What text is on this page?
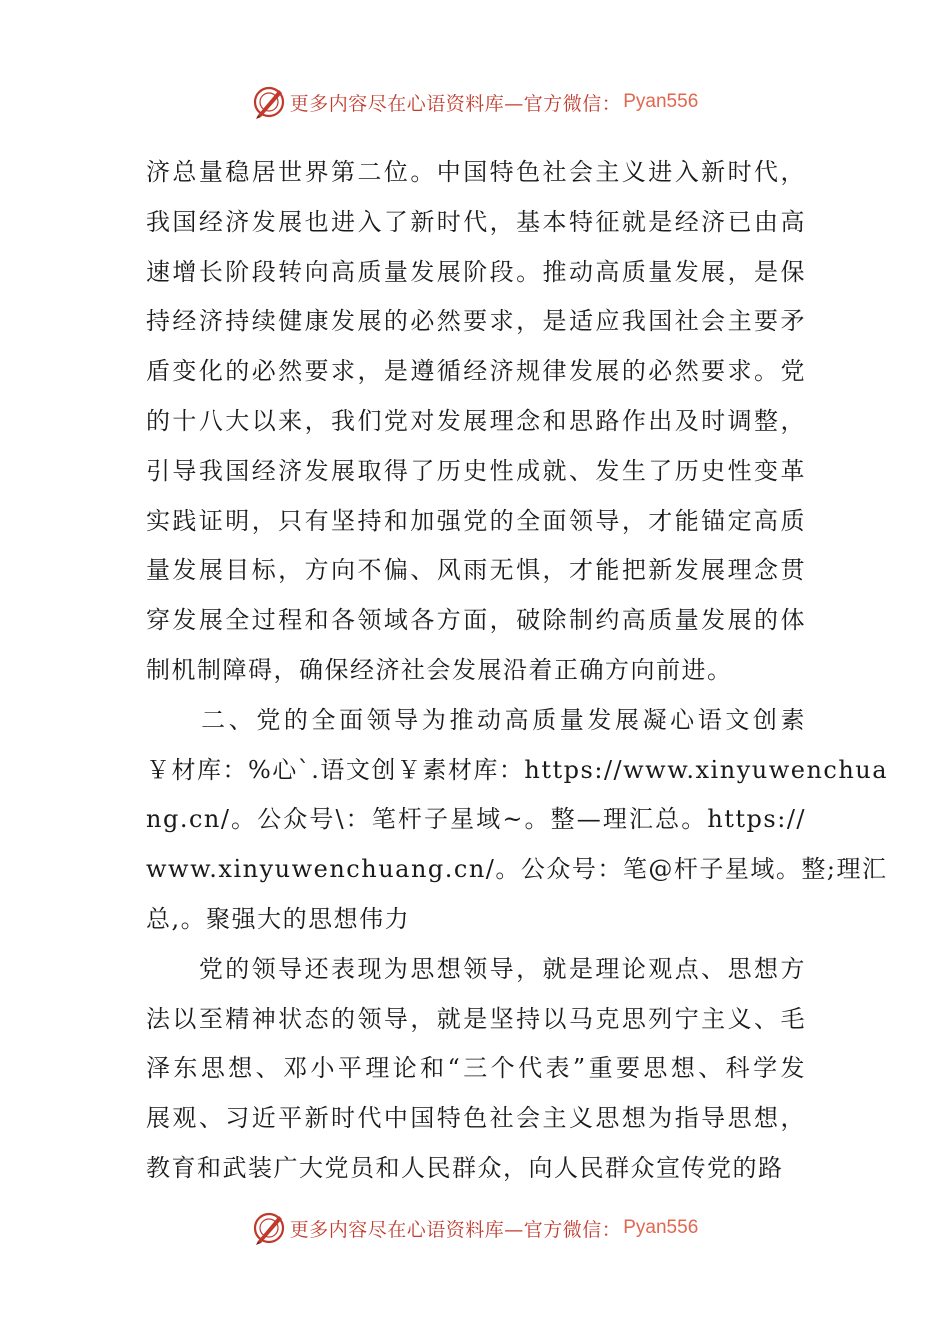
更多内容尽在心语资料库—官方微信： Pyan556
济总量稳居世界第二位。中国特色社会主义进入新时代，
我国经济发展也进入了新时代，基本特征就是经济已由高
速增长阶段转向高质量发展阶段。推动高质量发展，是保
持经济持续健康发展的必然要求，是适应我国社会主要矛
盾变化的必然要求，是遵循经济规律发展的必然要求。党
的十八大以来，我们党对发展理念和思路作出及时调整，
引导我国经济发展取得了历史性成就、发生了历史性变革
实践证明，只有坚持和加强党的全面领导，才能锚定高质
量发展目标，方向不偏、风雨无惧，才能把新发展理念贯
穿发展全过程和各领域各方面，破除制约高质量发展的体
制机制障碍，确保经济社会发展沿着正确方向前进。
　　二、党的全面领导为推动高质量发展凝心语文创素
￥材库：%心`.语文创￥素材库：https://www.xinyuwenchua
ng.cn/。公众号\：笔杆子星域~。整—理汇总。https://
www.xinyuwenchuang.cn/。公众号：笔@杆子星域。整;理汇
总,。聚强大的思想伟力
　　党的领导还表现为思想领导，就是理论观点、思想方
法以至精神状态的领导，就是坚持以马克思列宁主义、毛
泽东思想、邓小平理论和“三个代表”重要思想、科学发
展观、习近平新时代中国特色社会主义思想为指导思想，
教育和武装广大党员和人民群众，向人民群众宣传党的路
更多内容尽在心语资料库—官方微信： Pyan556
